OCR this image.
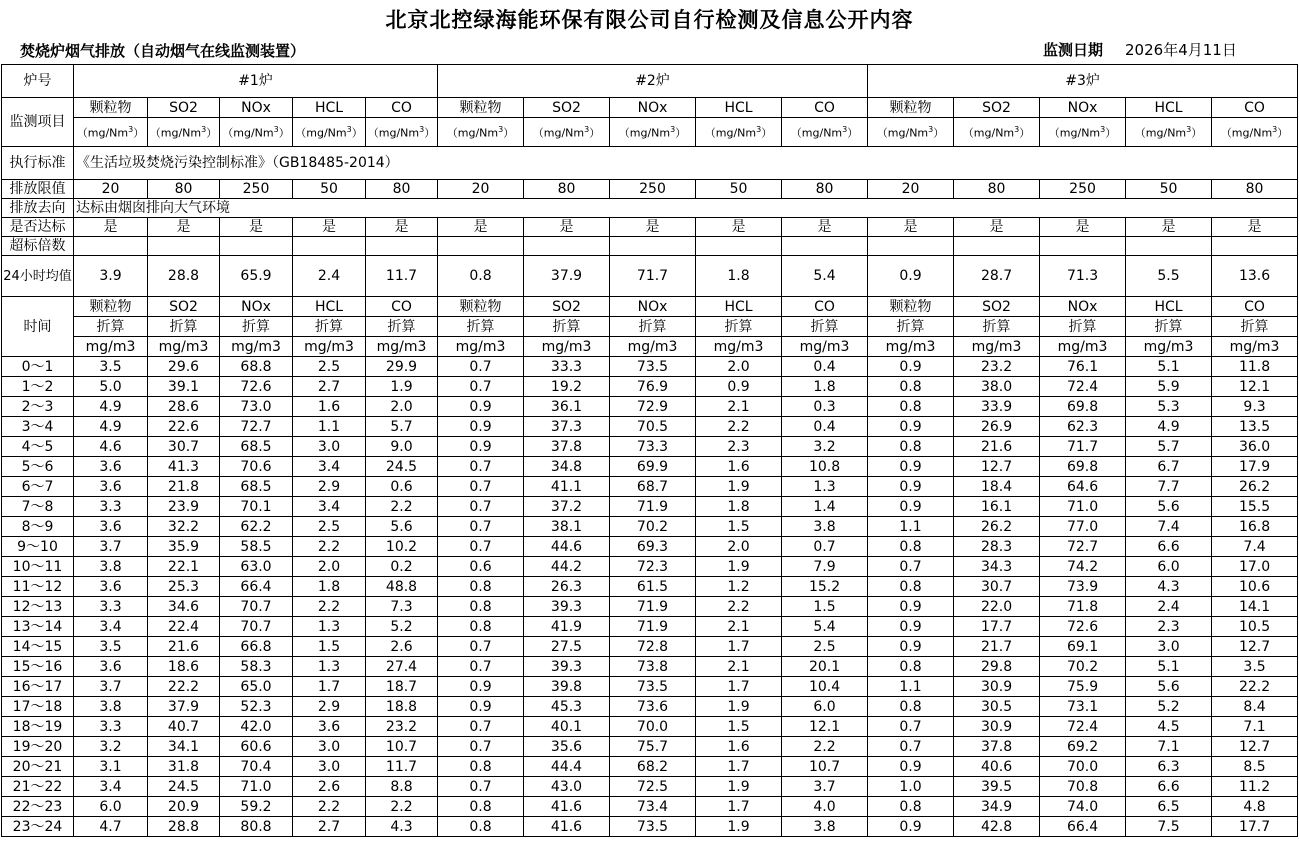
北京北控绿海能环保有限公司自行检测及信息公开内容
焚烧炉烟气排放（自动烟气在线监测装置）	监测日期 2026年4月11日
炉号	#1炉					#2炉					#3炉				
监测项目	颗粒物	SO2	NOx	HCL	CO	颗粒物	SO2	NOx	HCL	CO	颗粒物	SO2	NOx	HCL	CO
	（mg/Nm$^3$）	（mg/Nm$^3$）	（mg/Nm$^3$）	（mg/Nm$^3$）	（mg/Nm$^3$）	（mg/Nm$^3$）	（mg/Nm$^3$）	（mg/Nm$^3$）	（mg/Nm$^3$）	（mg/Nm$^3$）	（mg/Nm$^3$）	（mg/Nm$^3$）	（mg/Nm$^3$）	（mg/Nm$^3$）	（mg/Nm$^3$）
执行标准	《生活垃圾焚烧污染控制标准》（GB18485-2014）														
排放限值	20	80	250	50	80	20	80	250	50	80	20	80	250	50	80
排放去向	达标由烟囱排向大气环境														
是否达标	是	是	是	是	是	是	是	是	是	是	是	是	是	是	是
超标倍数															
24小时均值	3.9	28.8	65.9	2.4	11.7	0.8	37.9	71.7	1.8	5.4	0.9	28.7	71.3	5.5	13.6
时间	颗粒物	SO2	NOx	HCL	CO	颗粒物	SO2	NOx	HCL	CO	颗粒物	SO2	NOx	HCL	CO
	折算	折算	折算	折算	折算	折算	折算	折算	折算	折算	折算	折算	折算	折算	折算
	mg/m3	mg/m3	mg/m3	mg/m3	mg/m3	mg/m3	mg/m3	mg/m3	mg/m3	mg/m3	mg/m3	mg/m3	mg/m3	mg/m3	mg/m3
0～1	3.5	29.6	68.8	2.5	29.9	0.7	33.3	73.5	2.0	0.4	0.9	23.2	76.1	5.1	11.8
1～2	5.0	39.1	72.6	2.7	1.9	0.7	19.2	76.9	0.9	1.8	0.8	38.0	72.4	5.9	12.1
2～3	4.9	28.6	73.0	1.6	2.0	0.9	36.1	72.9	2.1	0.3	0.8	33.9	69.8	5.3	9.3
3～4	4.9	22.6	72.7	1.1	5.7	0.9	37.3	70.5	2.2	0.4	0.9	26.9	62.3	4.9	13.5
4～5	4.6	30.7	68.5	3.0	9.0	0.9	37.8	73.3	2.3	3.2	0.8	21.6	71.7	5.7	36.0
5～6	3.6	41.3	70.6	3.4	24.5	0.7	34.8	69.9	1.6	10.8	0.9	12.7	69.8	6.7	17.9
6～7	3.6	21.8	68.5	2.9	0.6	0.7	41.1	68.7	1.9	1.3	0.9	18.4	64.6	7.7	26.2
7～8	3.3	23.9	70.1	3.4	2.2	0.7	37.2	71.9	1.8	1.4	0.9	16.1	71.0	5.6	15.5
8～9	3.6	32.2	62.2	2.5	5.6	0.7	38.1	70.2	1.5	3.8	1.1	26.2	77.0	7.4	16.8
9～10	3.7	35.9	58.5	2.2	10.2	0.7	44.6	69.3	2.0	0.7	0.8	28.3	72.7	6.6	7.4
10～11	3.8	22.1	63.0	2.0	0.2	0.6	44.2	72.3	1.9	7.9	0.7	34.3	74.2	6.0	17.0
11～12	3.6	25.3	66.4	1.8	48.8	0.8	26.3	61.5	1.2	15.2	0.8	30.7	73.9	4.3	10.6
12～13	3.3	34.6	70.7	2.2	7.3	0.8	39.3	71.9	2.2	1.5	0.9	22.0	71.8	2.4	14.1
13～14	3.4	22.4	70.7	1.3	5.2	0.8	41.9	71.9	2.1	5.4	0.9	17.7	72.6	2.3	10.5
14～15	3.5	21.6	66.8	1.5	2.6	0.7	27.5	72.8	1.7	2.5	0.9	21.7	69.1	3.0	12.7
15～16	3.6	18.6	58.3	1.3	27.4	0.7	39.3	73.8	2.1	20.1	0.8	29.8	70.2	5.1	3.5
16～17	3.7	22.2	65.0	1.7	18.7	0.9	39.8	73.5	1.7	10.4	1.1	30.9	75.9	5.6	22.2
17～18	3.8	37.9	52.3	2.9	18.8	0.9	45.3	73.6	1.9	6.0	0.8	30.5	73.1	5.2	8.4
18～19	3.3	40.7	42.0	3.6	23.2	0.7	40.1	70.0	1.5	12.1	0.7	30.9	72.4	4.5	7.1
19～20	3.2	34.1	60.6	3.0	10.7	0.7	35.6	75.7	1.6	2.2	0.7	37.8	69.2	7.1	12.7
20～21	3.1	31.8	70.4	3.0	11.7	0.8	44.4	68.2	1.7	10.7	0.9	40.6	70.0	6.3	8.5
21～22	3.4	24.5	71.0	2.6	8.8	0.7	43.0	72.5	1.9	3.7	1.0	39.5	70.8	6.6	11.2
22～23	6.0	20.9	59.2	2.2	2.2	0.8	41.6	73.4	1.7	4.0	0.8	34.9	74.0	6.5	4.8
23～24	4.7	28.8	80.8	2.7	4.3	0.8	41.6	73.5	1.9	3.8	0.9	42.8	66.4	7.5	17.7
